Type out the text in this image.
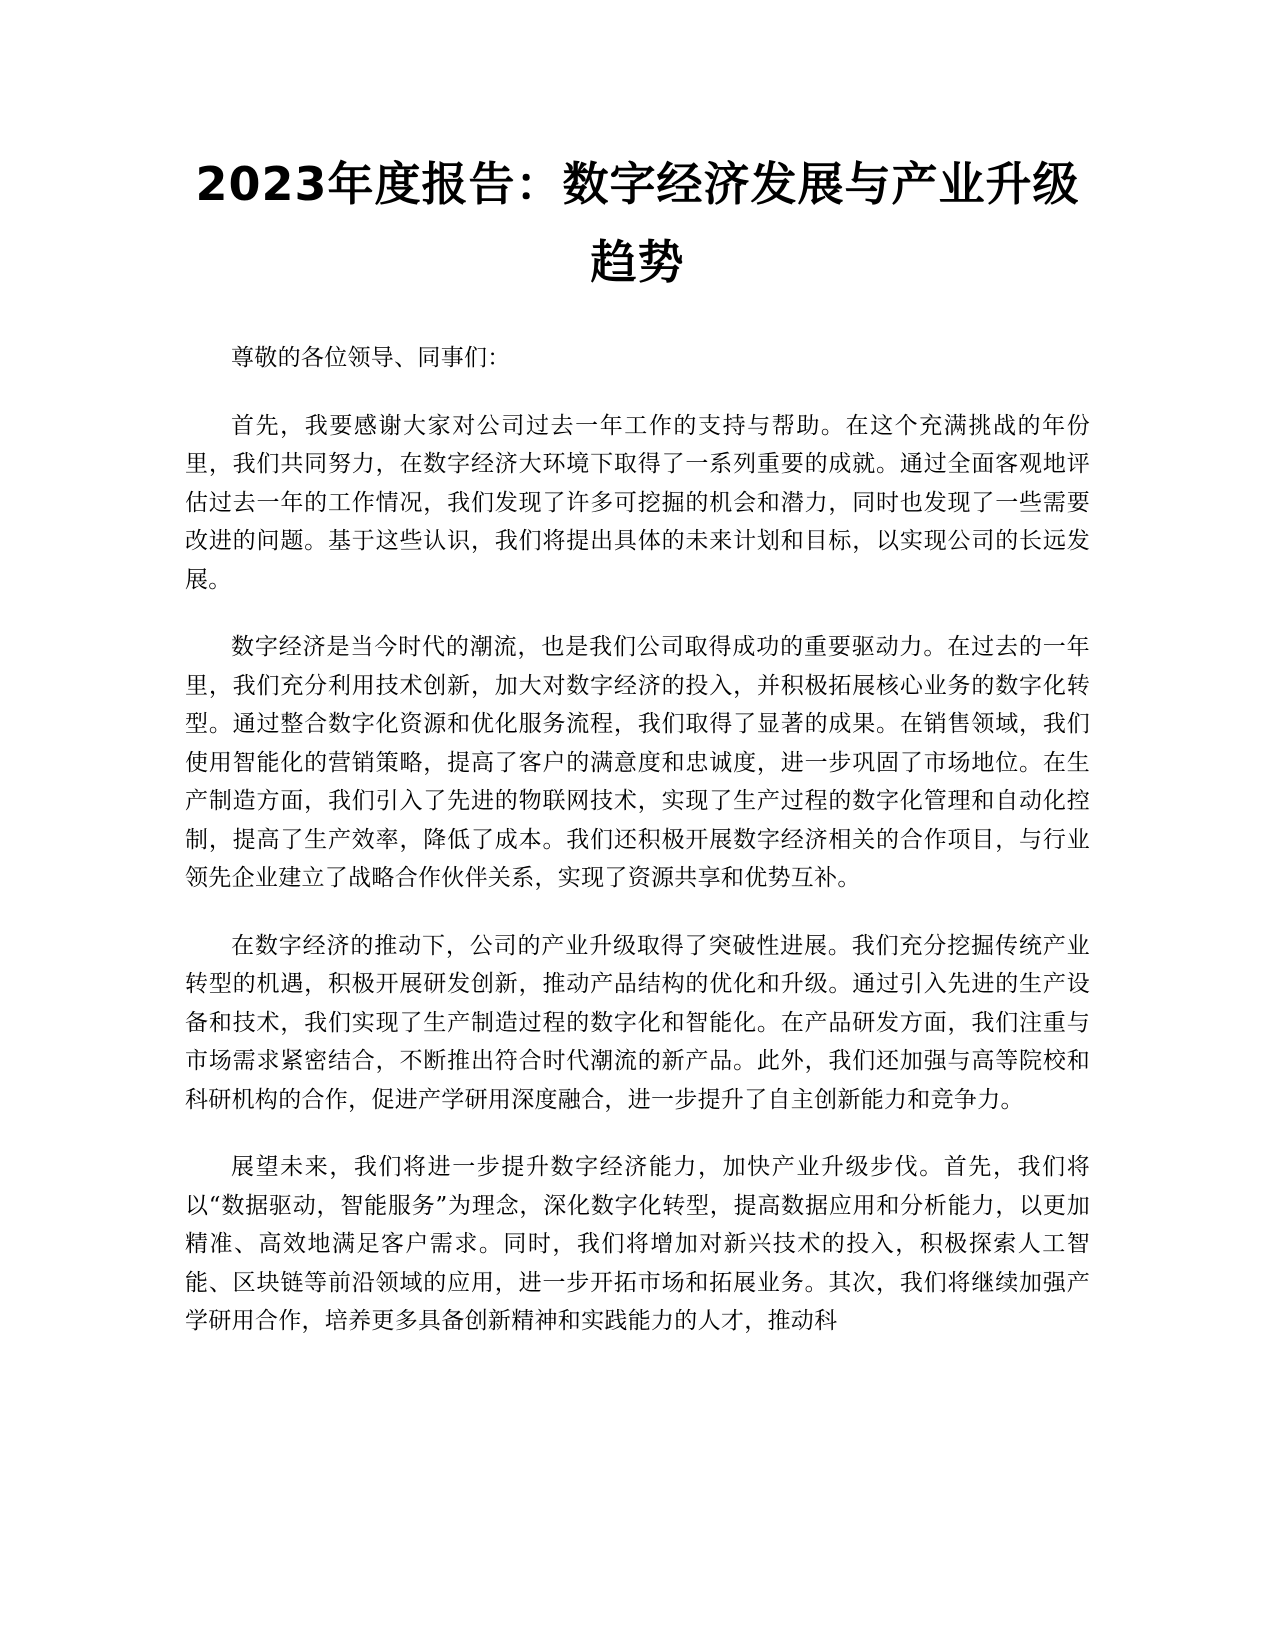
2023年度报告：数字经济发展与产业升级趋势

尊敬的各位领导、同事们：

首先，我要感谢大家对公司过去一年工作的支持与帮助。在这个充满挑战的年份里，我们共同努力，在数字经济大环境下取得了一系列重要的成就。通过全面客观地评估过去一年的工作情况，我们发现了许多可挖掘的机会和潜力，同时也发现了一些需要改进的问题。基于这些认识，我们将提出具体的未来计划和目标，以实现公司的长远发展。

数字经济是当今时代的潮流，也是我们公司取得成功的重要驱动力。在过去的一年里，我们充分利用技术创新，加大对数字经济的投入，并积极拓展核心业务的数字化转型。通过整合数字化资源和优化服务流程，我们取得了显著的成果。在销售领域，我们使用智能化的营销策略，提高了客户的满意度和忠诚度，进一步巩固了市场地位。在生产制造方面，我们引入了先进的物联网技术，实现了生产过程的数字化管理和自动化控制，提高了生产效率，降低了成本。我们还积极开展数字经济相关的合作项目，与行业领先企业建立了战略合作伙伴关系，实现了资源共享和优势互补。

在数字经济的推动下，公司的产业升级取得了突破性进展。我们充分挖掘传统产业转型的机遇，积极开展研发创新，推动产品结构的优化和升级。通过引入先进的生产设备和技术，我们实现了生产制造过程的数字化和智能化。在产品研发方面，我们注重与市场需求紧密结合，不断推出符合时代潮流的新产品。此外，我们还加强与高等院校和科研机构的合作，促进产学研用深度融合，进一步提升了自主创新能力和竞争力。

展望未来，我们将进一步提升数字经济能力，加快产业升级步伐。首先，我们将以“数据驱动，智能服务”为理念，深化数字化转型，提高数据应用和分析能力，以更加精准、高效地满足客户需求。同时，我们将增加对新兴技术的投入，积极探索人工智能、区块链等前沿领域的应用，进一步开拓市场和拓展业务。其次，我们将继续加强产学研用合作，培养更多具备创新精神和实践能力的人才，推动科
